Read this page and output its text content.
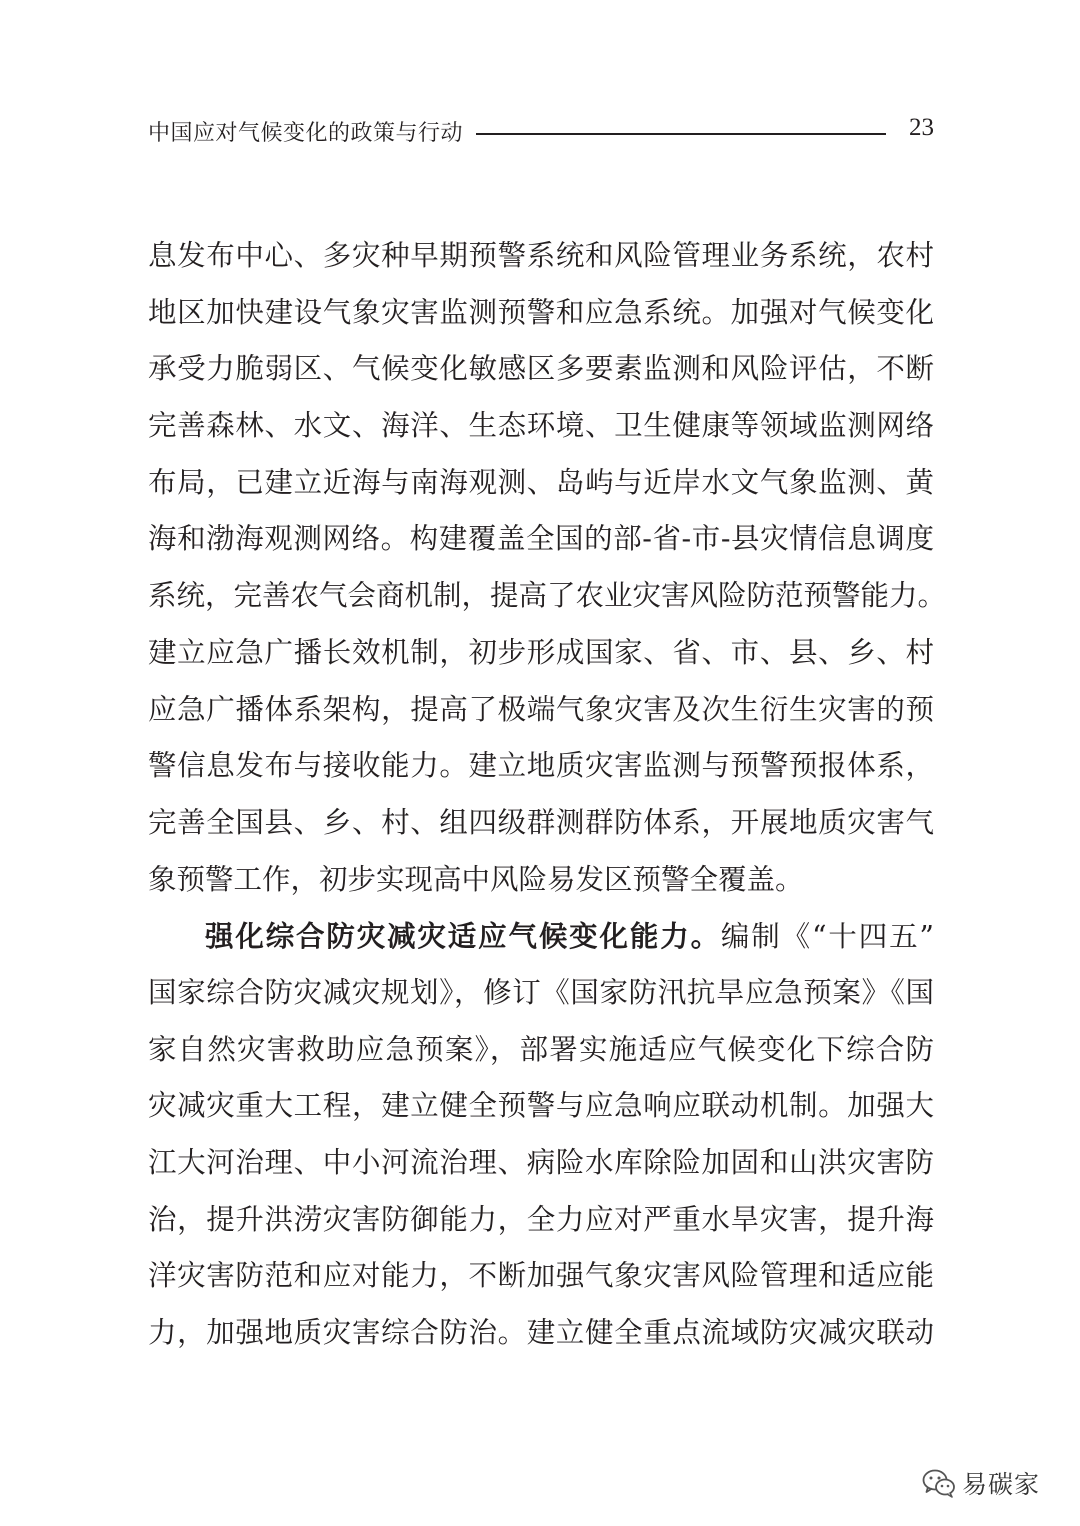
中国应对气候变化的政策与行动	23
息发布中心、多灾种早期预警系统和风险管理业务系统，农村
地区加快建设气象灾害监测预警和应急系统。加强对气候变化
承受力脆弱区、气候变化敏感区多要素监测和风险评估，不断
完善森林、水文、海洋、生态环境、卫生健康等领域监测网络
布局，已建立近海与南海观测、岛屿与近岸水文气象监测、黄
海和渤海观测网络。构建覆盖全国的部-省-市-县灾情信息调度
系统，完善农气会商机制，提高了农业灾害风险防范预警能力。
建立应急广播长效机制，初步形成国家、省、市、县、乡、村
应急广播体系架构，提高了极端气象灾害及次生衍生灾害的预
警信息发布与接收能力。建立地质灾害监测与预警预报体系，
完善全国县、乡、村、组四级群测群防体系，开展地质灾害气
象预警工作，初步实现高中风险易发区预警全覆盖。
强化综合防灾减灾适应气候变化能力。编制《“十四五”
国家综合防灾减灾规划》，修订《国家防汛抗旱应急预案》《国
家自然灾害救助应急预案》，部署实施适应气候变化下综合防
灾减灾重大工程，建立健全预警与应急响应联动机制。加强大
江大河治理、中小河流治理、病险水库除险加固和山洪灾害防
治，提升洪涝灾害防御能力，全力应对严重水旱灾害，提升海
洋灾害防范和应对能力，不断加强气象灾害风险管理和适应能
力，加强地质灾害综合防治。建立健全重点流域防灾减灾联动
易碳家
